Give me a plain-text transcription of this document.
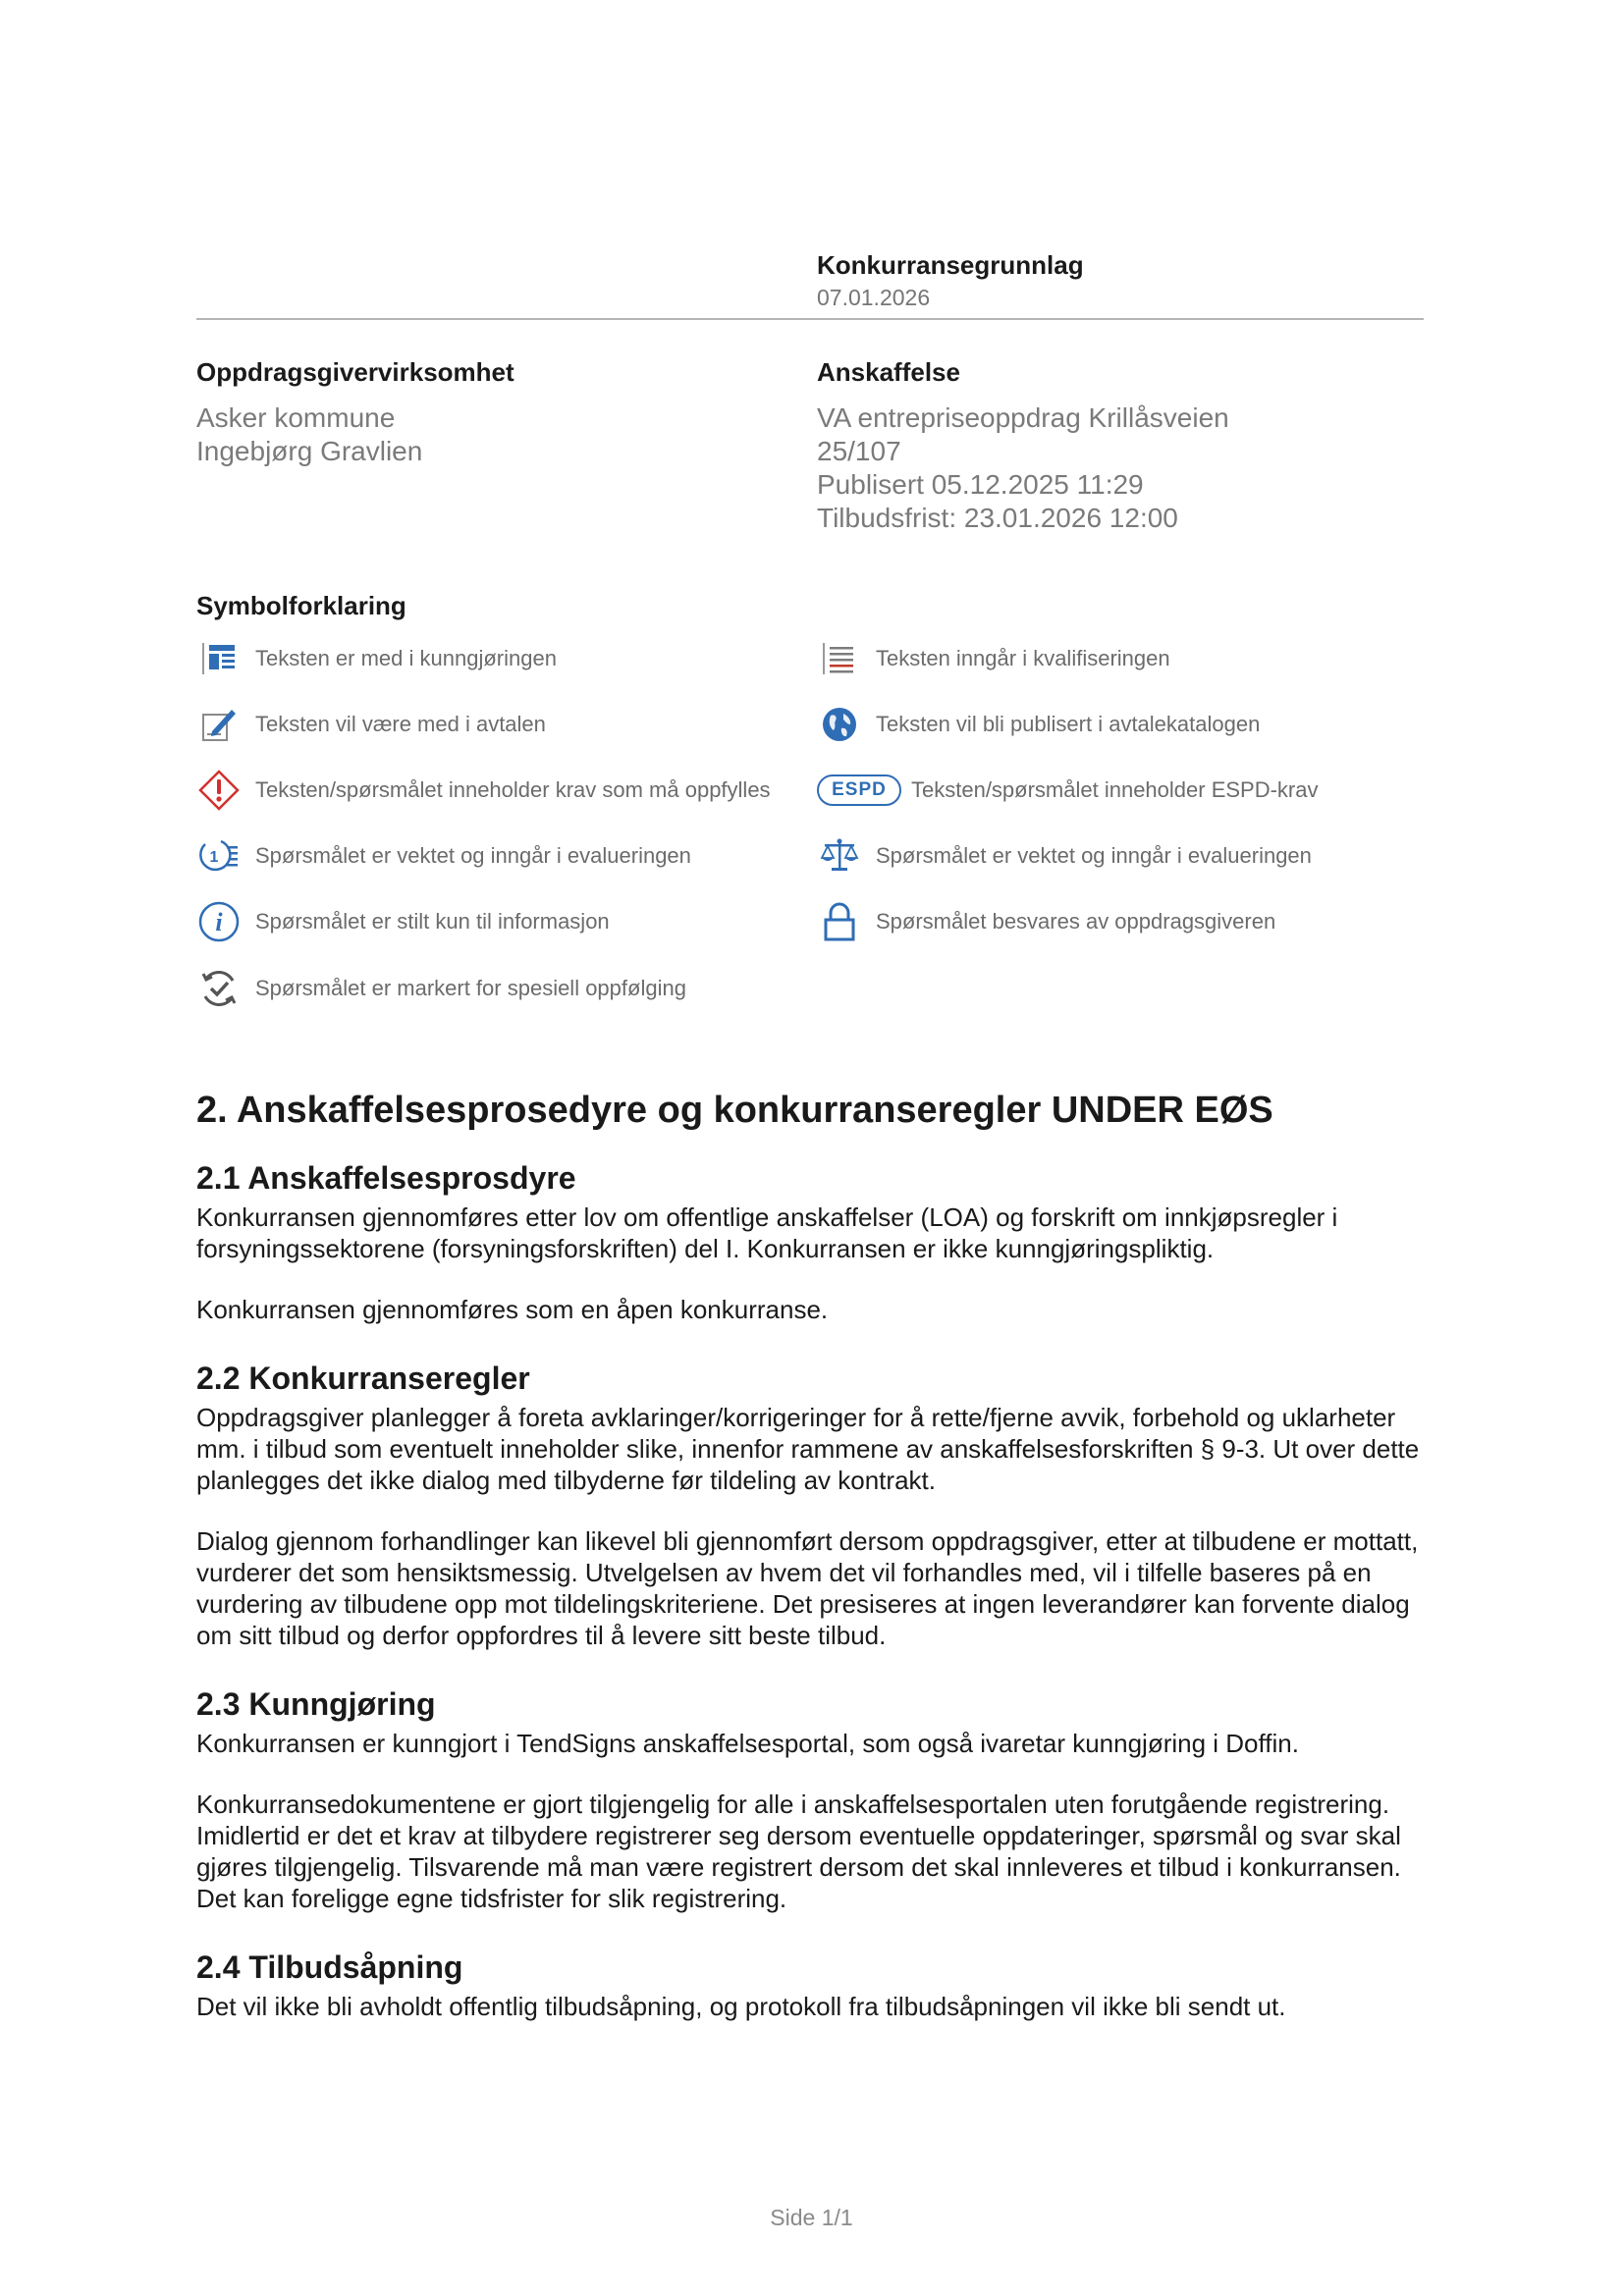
Konkurransegrunnlag
07.01.2026
Oppdragsgivervirksomhet
Asker kommune
Ingebjørg Gravlien
Anskaffelse
VA entrepriseoppdrag Krillåsveien
25/107
Publisert 05.12.2025 11:29
Tilbudsfrist: 23.01.2026 12:00
Symbolforklaring
Teksten er med i kunngjøringen	Teksten inngår i kvalifiseringen
Teksten vil være med i avtalen	Teksten vil bli publisert i avtalekatalogen
Teksten/spørsmålet inneholder krav som må oppfylles	ESPD Teksten/spørsmålet inneholder ESPD-krav
1 Spørsmålet er vektet og inngår i evalueringen	Spørsmålet er vektet og inngår i evalueringen
i Spørsmålet er stilt kun til informasjon	Spørsmålet besvares av oppdragsgiveren
Spørsmålet er markert for spesiell oppfølging
2. Anskaffelsesprosedyre og konkurranseregler UNDER EØS
2.1 Anskaffelsesprosdyre

Konkurransen gjennomføres etter lov om offentlige anskaffelser (LOA) og forskrift om innkjøpsregler i forsyningssektorene (forsyningsforskriften) del I. Konkurransen er ikke kunngjøringspliktig.

Konkurransen gjennomføres som en åpen konkurranse.

2.2 Konkurranseregler

Oppdragsgiver planlegger å foreta avklaringer/korrigeringer for å rette/fjerne avvik, forbehold og uklarheter mm. i tilbud som eventuelt inneholder slike, innenfor rammene av anskaffelsesforskriften § 9-3. Ut over dette planlegges det ikke dialog med tilbyderne før tildeling av kontrakt.

Dialog gjennom forhandlinger kan likevel bli gjennomført dersom oppdragsgiver, etter at tilbudene er mottatt, vurderer det som hensiktsmessig. Utvelgelsen av hvem det vil forhandles med, vil i tilfelle baseres på en vurdering av tilbudene opp mot tildelingskriteriene. Det presiseres at ingen leverandører kan forvente dialog om sitt tilbud og derfor oppfordres til å levere sitt beste tilbud.

2.3 Kunngjøring

Konkurransen er kunngjort i TendSigns anskaffelsesportal, som også ivaretar kunngjøring i Doffin.

Konkurransedokumentene er gjort tilgjengelig for alle i anskaffelsesportalen uten forutgående registrering. Imidlertid er det et krav at tilbydere registrerer seg dersom eventuelle oppdateringer, spørsmål og svar skal gjøres tilgjengelig. Tilsvarende må man være registrert dersom det skal innleveres et tilbud i konkurransen. Det kan foreligge egne tidsfrister for slik registrering.

2.4 Tilbudsåpning

Det vil ikke bli avholdt offentlig tilbudsåpning, og protokoll fra tilbudsåpningen vil ikke bli sendt ut.

Side 1/1
